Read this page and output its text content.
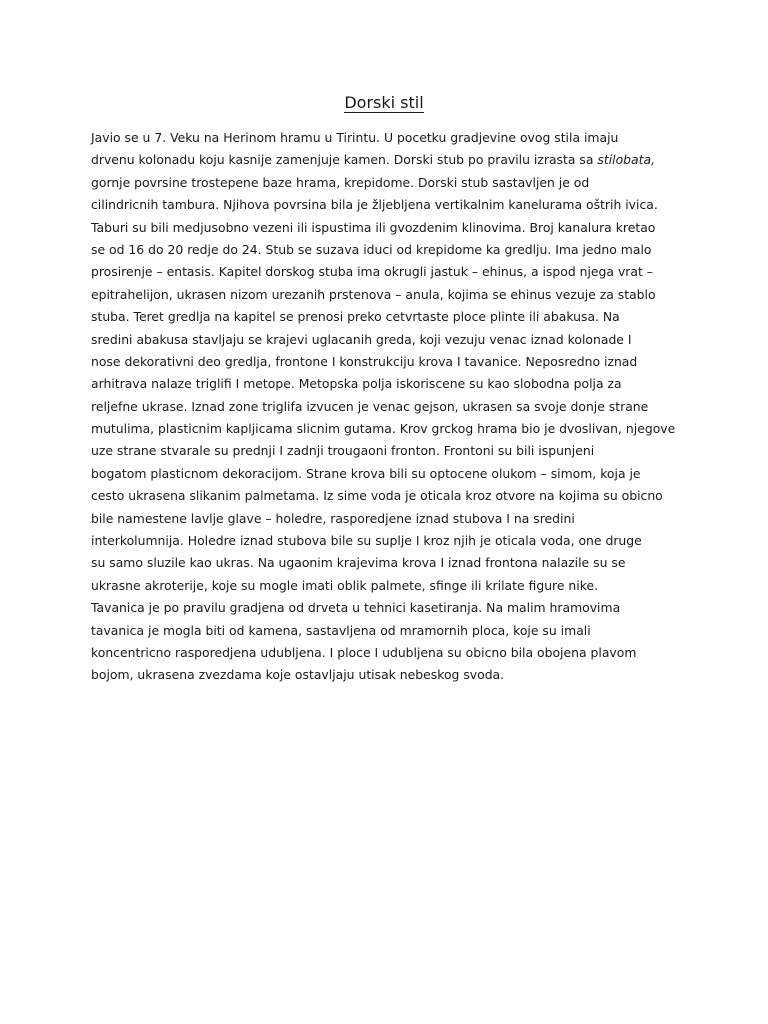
Dorski stil
Javio se u 7. Veku na Herinom hramu u Tirintu. U pocetku gradjevine ovog stila imaju
drvenu kolonadu koju kasnije zamenjuje kamen. Dorski stub po pravilu izrasta sa stilobata,
gornje povrsine trostepene baze hrama, krepidome. Dorski stub sastavljen je od
cilindricnih tambura. Njihova povrsina bila je žljebljena vertikalnim kanelurama oštrih ivica.
Taburi su bili medjusobno vezeni ili ispustima ili gvozdenim klinovima. Broj kanalura kretao
se od 16 do 20 redje do 24. Stub se suzava iduci od krepidome ka gredlju. Ima jedno malo
prosirenje – entasis. Kapitel dorskog stuba ima okrugli jastuk – ehinus, a ispod njega vrat –
epitrahelijon, ukrasen nizom urezanih prstenova – anula, kojima se ehinus vezuje za stablo
stuba. Teret gredlja na kapitel se prenosi preko cetvrtaste ploce plinte ili abakusa. Na
sredini abakusa stavljaju se krajevi uglacanih greda, koji vezuju venac iznad kolonade I
nose dekorativni deo gredlja, frontone I konstrukciju krova I tavanice. Neposredno iznad
arhitrava nalaze triglifi I metope. Metopska polja iskoriscene su kao slobodna polja za
reljefne ukrase. Iznad zone triglifa izvucen je venac gejson, ukrasen sa svoje donje strane
mutulima, plasticnim kapljicama slicnim gutama. Krov grckog hrama bio je dvoslivan, njegove
uze strane stvarale su prednji I zadnji trougaoni fronton. Frontoni su bili ispunjeni
bogatom plasticnom dekoracijom. Strane krova bili su optocene olukom – simom, koja je
cesto ukrasena slikanim palmetama. Iz sime voda je oticala kroz otvore na kojima su obicno
bile namestene lavlje glave – holedre, rasporedjene iznad stubova I na sredini
interkolumnija. Holedre iznad stubova bile su suplje I kroz njih je oticala voda, one druge
su samo sluzile kao ukras. Na ugaonim krajevima krova I iznad frontona nalazile su se
ukrasne akroterije, koje su mogle imati oblik palmete, sfinge ili krilate figure nike.
Tavanica je po pravilu gradjena od drveta u tehnici kasetiranja. Na malim hramovima
tavanica je mogla biti od kamena, sastavljena od mramornih ploca, koje su imali
koncentricno rasporedjena udubljena. I ploce I udubljena su obicno bila obojena plavom
bojom, ukrasena zvezdama koje ostavljaju utisak nebeskog svoda.
